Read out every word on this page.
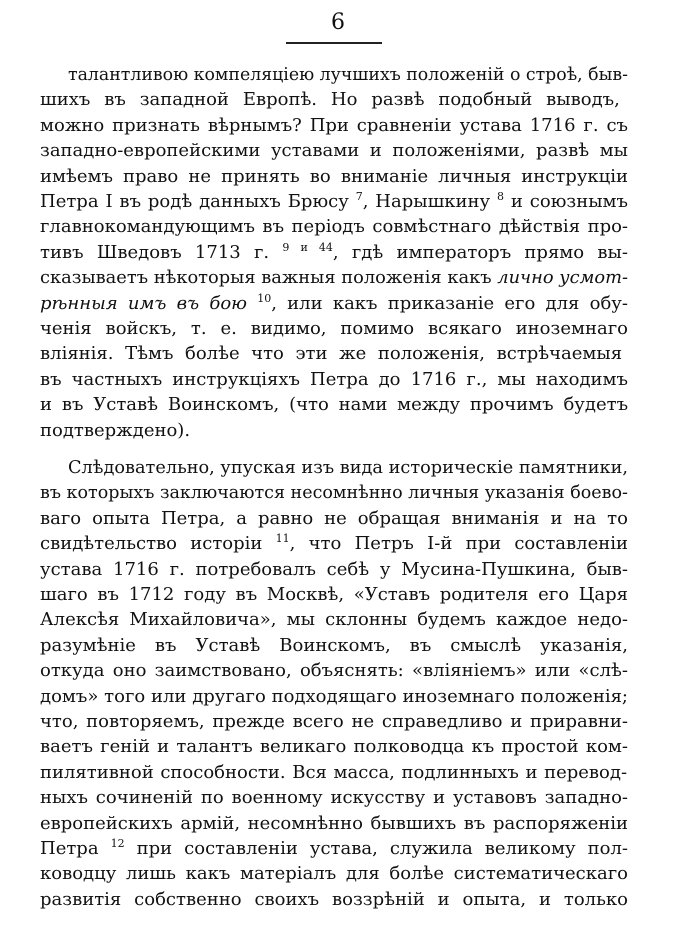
6
талантливою компеляціею лучшихъ положеній о строѣ, быв-
шихъ въ западной Европѣ. Но развѣ подобный выводъ,
можно признать вѣрнымъ? При сравненіи устава 1716 г. съ
западно-европейскими уставами и положеніями, развѣ мы
имѣемъ право не принять во вниманіе личныя инструкціи
Петра I въ родѣ данныхъ Брюсу $^7$, Нарышкину $^8$ и союзнымъ
главнокомандующимъ въ періодъ совмѣстнаго дѣйствія про-
тивъ Шведовъ 1713 г. $^{9 и 44}$, гдѣ императоръ прямо вы-
сказываетъ нѣкоторыя важныя положенія какъ лично усмот-
рѣнныя имъ въ бою $^{10}$, или какъ приказаніе его для обу-
ченія войскъ, т. е. видимо, помимо всякаго иноземнаго
вліянія. Тѣмъ болѣе что эти же положенія, встрѣчаемыя
въ частныхъ инструкціяхъ Петра до 1716 г., мы находимъ
и въ Уставѣ Воинскомъ, (что нами между прочимъ будетъ
подтверждено).
Слѣдовательно, упуская изъ вида историческіе памятники,
въ которыхъ заключаются несомнѣнно личныя указанія боево-
ваго опыта Петра, а равно не обращая вниманія и на то
свидѣтельство исторіи $^{11}$, что Петръ I-й при составленіи
устава 1716 г. потребовалъ себѣ у Мусина-Пушкина, быв-
шаго въ 1712 году въ Москвѣ, «Уставъ родителя его Царя
Алексѣя Михайловича», мы склонны будемъ каждое недо-
разумѣніе въ Уставѣ Воинскомъ, въ смыслѣ указанія,
откуда оно заимствовано, объяснять: «вліяніемъ» или «слѣ-
домъ» того или другаго подходящаго иноземнаго положенія;
что, повторяемъ, прежде всего не справедливо и приравни-
ваетъ геній и талантъ великаго полководца къ простой ком-
пилятивной способности. Вся масса, подлинныхъ и перевод-
ныхъ сочиненій по военному искусству и уставовъ западно-
европейскихъ армій, несомнѣнно бывшихъ въ распоряженіи
Петра $^{12}$ при составленіи устава, служила великому пол-
ководцу лишь какъ матеріалъ для болѣе систематическаго
развитія собственно своихъ воззрѣній и опыта, и только
